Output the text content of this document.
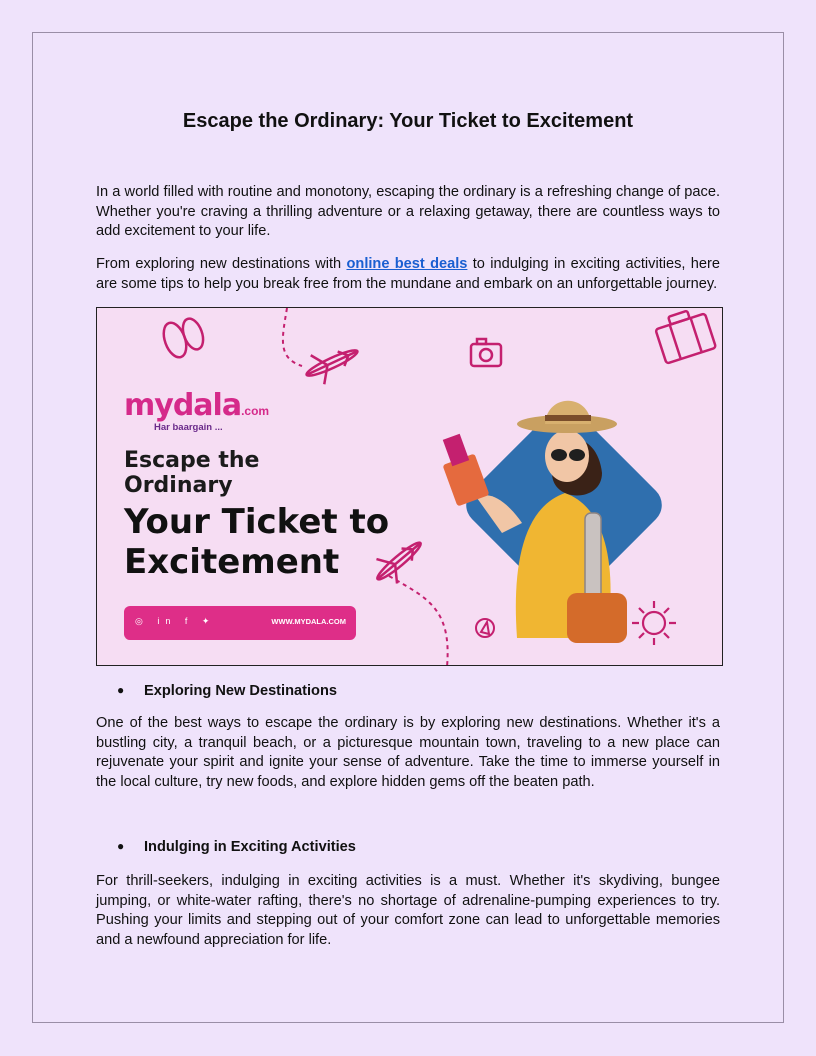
Escape the Ordinary: Your Ticket to Excitement
In a world filled with routine and monotony, escaping the ordinary is a refreshing change of pace. Whether you're craving a thrilling adventure or a relaxing getaway, there are countless ways to add excitement to your life.
From exploring new destinations with online best deals to indulging in exciting activities, here are some tips to help you break free from the mundane and embark on an unforgettable journey.
mydala.com
Har baargain ...
Escape the
Ordinary
Your Ticket to
Excitement
◎ in f ✦	WWW.MYDALA.COM
● Exploring New Destinations
One of the best ways to escape the ordinary is by exploring new destinations. Whether it's a bustling city, a tranquil beach, or a picturesque mountain town, traveling to a new place can rejuvenate your spirit and ignite your sense of adventure. Take the time to immerse yourself in the local culture, try new foods, and explore hidden gems off the beaten path.
● Indulging in Exciting Activities
For thrill-seekers, indulging in exciting activities is a must. Whether it's skydiving, bungee jumping, or white-water rafting, there's no shortage of adrenaline-pumping experiences to try. Pushing your limits and stepping out of your comfort zone can lead to unforgettable memories and a newfound appreciation for life.
